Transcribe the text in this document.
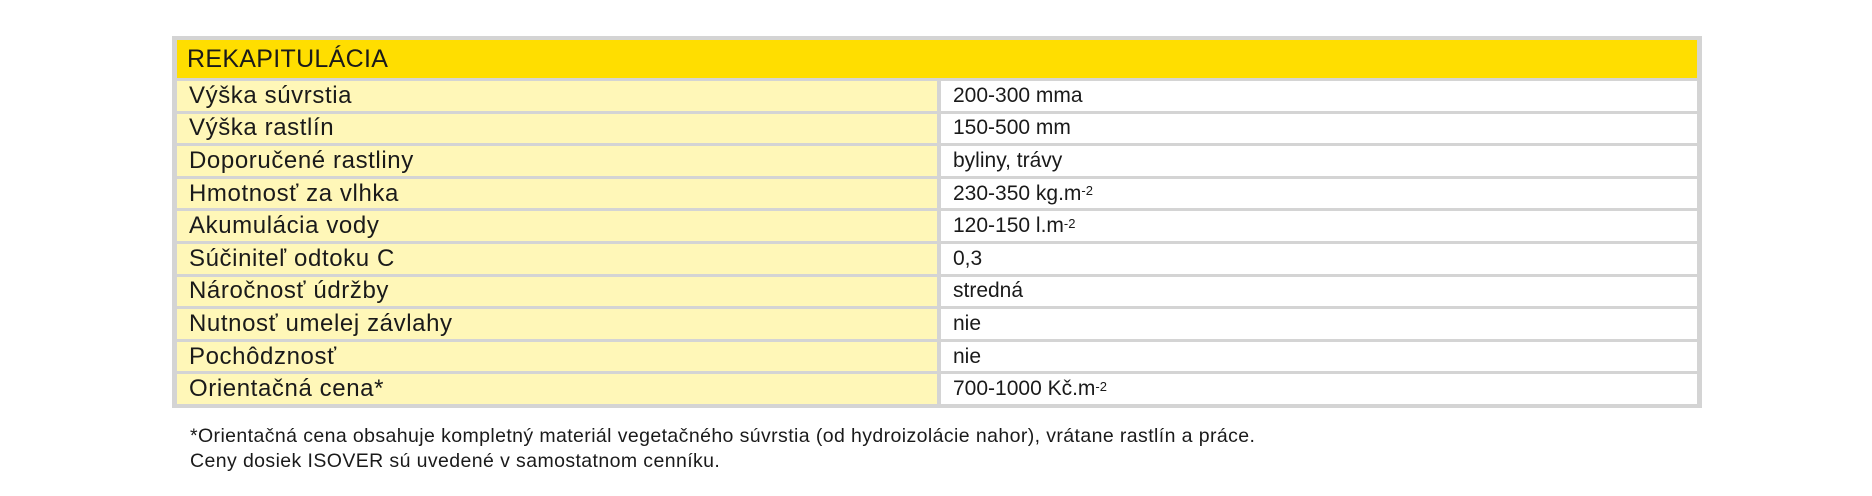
REKAPITULÁCIA
Výška súvrstia	200-300 mma
Výška rastlín	150-500 mm
Doporučené rastliny	byliny, trávy
Hmotnosť za vlhka	230-350 $kg.m^{-2}$
Akumulácia vody	120-150 $l.m^{-2}$
Súčiniteľ odtoku C	0,3
Náročnosť údržby	stredná
Nutnosť umelej závlahy	nie
Pochôdznosť	nie
Orientačná cena*	700-1000 $Kč.m^{-2}$
*Orientačná cena obsahuje kompletný materiál vegetačného súvrstia (od hydroizolácie nahor), vrátane rastlín a práce.
Ceny dosiek ISOVER sú uvedené v samostatnom cenníku.
